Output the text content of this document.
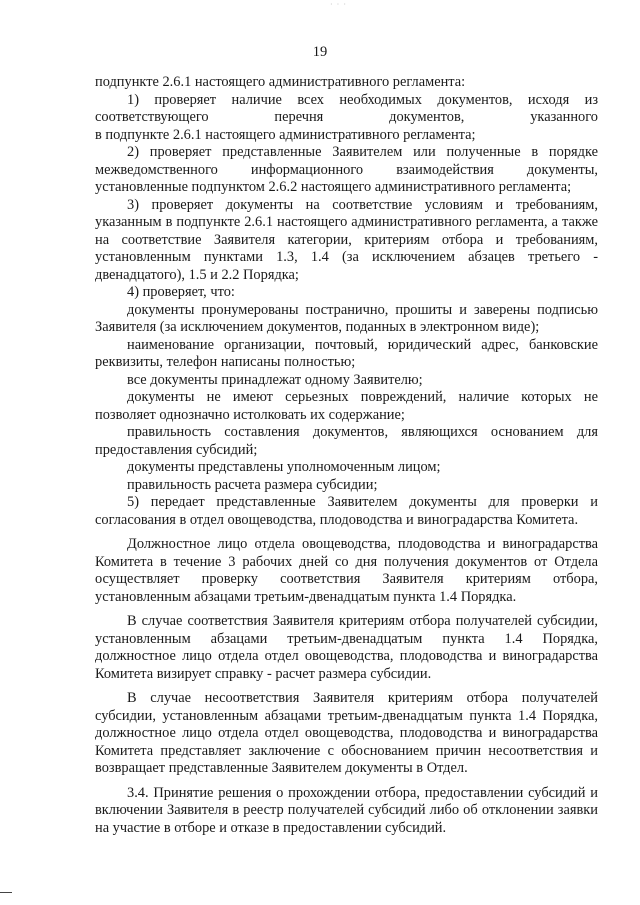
· · ·
19

подпункте 2.6.1 настоящего административного регламента:

1) проверяет наличие всех необходимых документов, исходя из соответствующего перечня документов, указанного

в подпункте 2.6.1 настоящего административного регламента;

2) проверяет представленные Заявителем или полученные в порядке межведомственного информационного взаимодействия документы, установленные подпунктом 2.6.2 настоящего административного регламента;

3) проверяет документы на соответствие условиям и требованиям, указанным в подпункте 2.6.1 настоящего административного регламента, а также на соответствие Заявителя категории, критериям отбора и требованиям, установленным пунктами 1.3, 1.4 (за исключением абзацев третьего - двенадцатого), 1.5 и 2.2 Порядка;

4) проверяет, что:

документы пронумерованы постранично, прошиты и заверены подписью Заявителя (за исключением документов, поданных в электронном виде);

наименование организации, почтовый, юридический адрес, банковские реквизиты, телефон написаны полностью;

все документы принадлежат одному Заявителю;

документы не имеют серьезных повреждений, наличие которых не позволяет однозначно истолковать их содержание;

правильность составления документов, являющихся основанием для предоставления субсидий;

документы представлены уполномоченным лицом;

правильность расчета размера субсидии;

5) передает представленные Заявителем документы для проверки и согласования в отдел овощеводства, плодоводства и виноградарства Комитета.

Должностное лицо отдела овощеводства, плодоводства и виноградарства Комитета в течение 3 рабочих дней со дня получения документов от Отдела осуществляет проверку соответствия Заявителя критериям отбора, установленным абзацами третьим-двенадцатым пункта 1.4 Порядка.

В случае соответствия Заявителя критериям отбора получателей субсидии, установленным абзацами третьим-двенадцатым пункта 1.4 Порядка, должностное лицо отдела отдел овощеводства, плодоводства и виноградарства Комитета визирует справку - расчет размера субсидии.

В случае несоответствия Заявителя критериям отбора получателей субсидии, установленным абзацами третьим-двенадцатым пункта 1.4 Порядка, должностное лицо отдела отдел овощеводства, плодоводства и виноградарства Комитета представляет заключение с обоснованием причин несоответствия и возвращает представленные Заявителем документы в Отдел.

3.4. Принятие решения о прохождении отбора, предоставлении субсидий и включении Заявителя в реестр получателей субсидий либо об отклонении заявки на участие в отборе и отказе в предоставлении субсидий.
